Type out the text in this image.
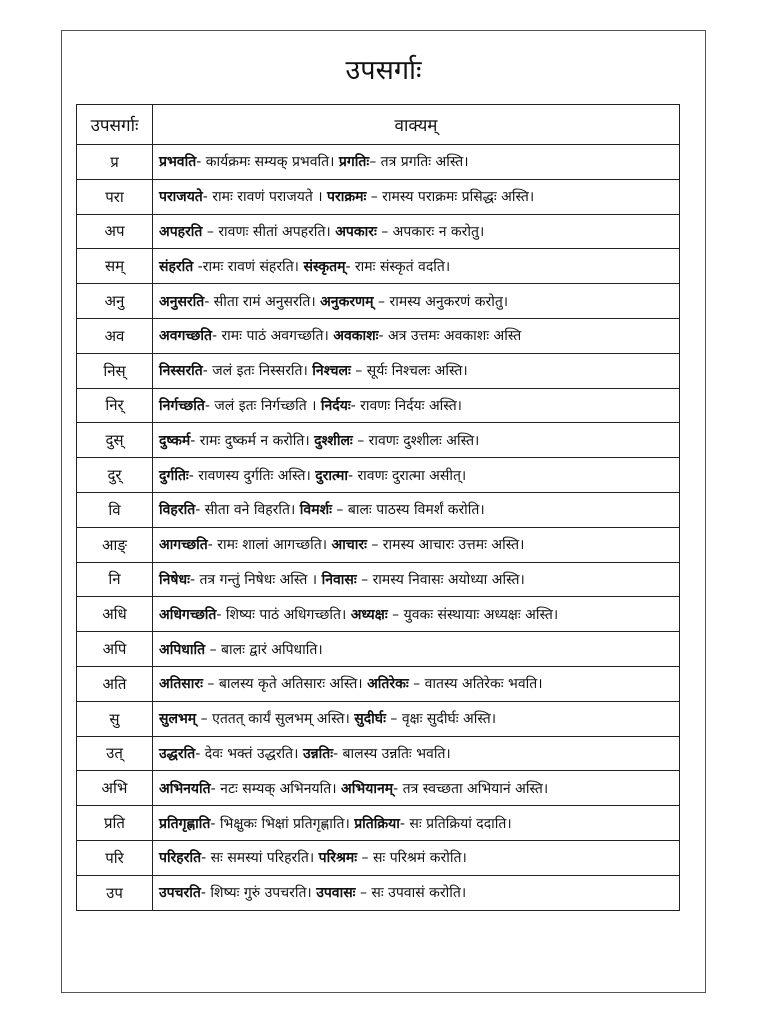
उपसर्गाः
उपसर्गाः	वाक्यम्
प्र	प्रभवति- कार्यक्रमः सम्यक् प्रभवति। प्रगतिः– तत्र प्रगतिः अस्ति।
परा	पराजयते- रामः रावणं पराजयते । पराक्रमः – रामस्य पराक्रमः प्रसिद्धः अस्ति।
अप	अपहरति – रावणः सीतां अपहरति। अपकारः – अपकारः न करोतु।
सम्	संहरति -रामः रावणं संहरति। संस्कृतम्- रामः संस्कृतं वदति।
अनु	अनुसरति- सीता रामं अनुसरति। अनुकरणम् – रामस्य अनुकरणं करोतु।
अव	अवगच्छति- रामः पाठं अवगच्छति। अवकाशः- अत्र उत्तमः अवकाशः अस्ति
निस्	निस्सरति- जलं इतः निस्सरति। निश्चलः – सूर्यः निश्चलः अस्ति।
निर्	निर्गच्छति- जलं इतः निर्गच्छति । निर्दयः- रावणः निर्दयः अस्ति।
दुस्	दुष्कर्म- रामः दुष्कर्म न करोति। दुश्शीलः – रावणः दुश्शीलः अस्ति।
दुर्	दुर्गतिः- रावणस्य दुर्गतिः अस्ति। दुरात्मा- रावणः दुरात्मा असीत्।
वि	विहरति- सीता वने विहरति। विमर्शः – बालः पाठस्य विमर्शं करोति।
आङ्	आगच्छति- रामः शालां आगच्छति। आचारः – रामस्य आचारः उत्तमः अस्ति।
नि	निषेधः- तत्र गन्तुं निषेधः अस्ति । निवासः – रामस्य निवासः अयोध्या अस्ति।
अधि	अधिगच्छति- शिष्यः पाठं अधिगच्छति। अध्यक्षः – युवकः संस्थायाः अध्यक्षः अस्ति।
अपि	अपिधाति – बालः द्वारं अपिधाति।
अति	अतिसारः – बालस्य कृते अतिसारः अस्ति। अतिरेकः – वातस्य अतिरेकः भवति।
सु	सुलभम् – एततत् कार्यं सुलभम् अस्ति। सुदीर्घः – वृक्षः सुदीर्घः अस्ति।
उत्	उद्धरति- देवः भक्तं उद्धरति। उन्नतिः- बालस्य उन्नतिः भवति।
अभि	अभिनयति- नटः सम्यक् अभिनयति। अभियानम्- तत्र स्वच्छता अभियानं अस्ति।
प्रति	प्रतिगृह्णाति- भिक्षुकः भिक्षां प्रतिगृह्णाति। प्रतिक्रिया- सः प्रतिक्रियां ददाति।
परि	परिहरति- सः समस्यां परिहरति। परिश्रमः – सः परिश्रमं करोति।
उप	उपचरति- शिष्यः गुरुं उपचरति। उपवासः – सः उपवासं करोति।
